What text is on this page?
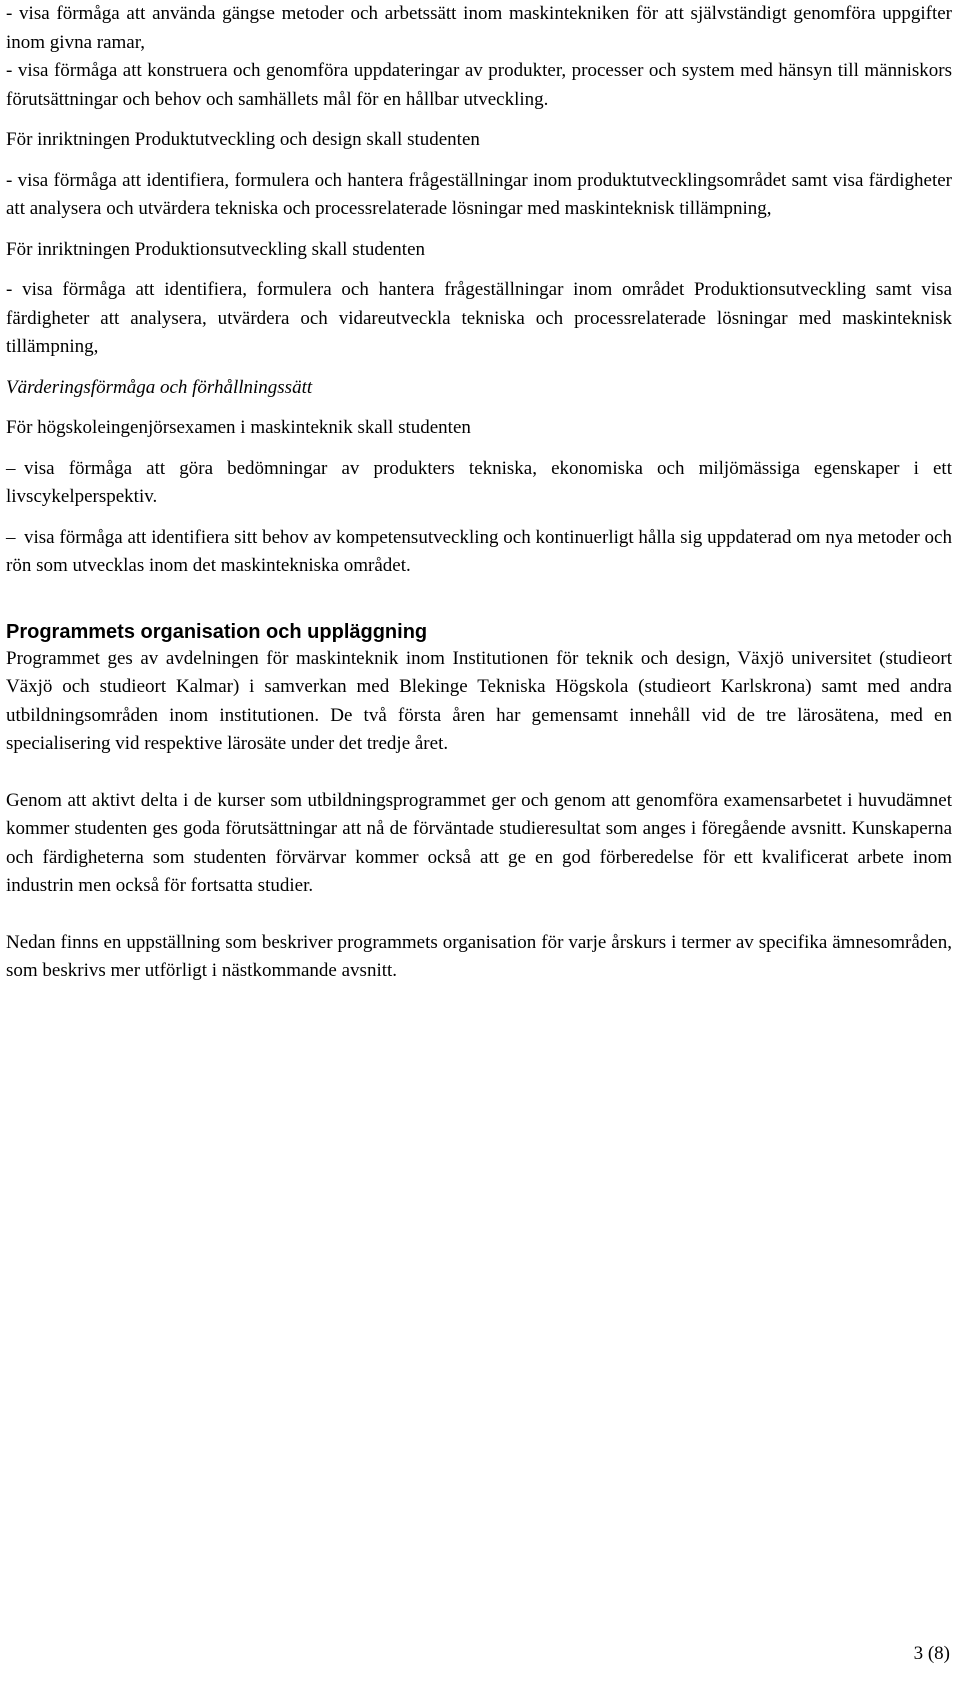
- visa förmåga att använda gängse metoder och arbetssätt inom maskintekniken för att självständigt genomföra uppgifter inom givna ramar,

- visa förmåga att konstruera och genomföra uppdateringar av produkter, processer och system med hänsyn till människors förutsättningar och behov och samhällets mål för en hållbar utveckling.

För inriktningen Produktutveckling och design skall studenten

- visa förmåga att identifiera, formulera och hantera frågeställningar inom produktutvecklingsområdet samt visa färdigheter att analysera och utvärdera tekniska och processrelaterade lösningar med maskinteknisk tillämpning,

För inriktningen Produktionsutveckling skall studenten

- visa förmåga att identifiera, formulera och hantera frågeställningar inom området Produktionsutveckling samt visa färdigheter att analysera, utvärdera och vidareutveckla tekniska och processrelaterade lösningar med maskinteknisk tillämpning,

Värderingsförmåga och förhållningssätt

För högskoleingenjörsexamen i maskinteknik skall studenten

– visa förmåga att göra bedömningar av produkters tekniska, ekonomiska och miljömässiga egenskaper i ett livscykelperspektiv.

– visa förmåga att identifiera sitt behov av kompetensutveckling och kontinuerligt hålla sig uppdaterad om nya metoder och rön som utvecklas inom det maskintekniska området.

Programmets organisation och uppläggning

Programmet ges av avdelningen för maskinteknik inom Institutionen för teknik och design, Växjö universitet (studieort Växjö och studieort Kalmar) i samverkan med Blekinge Tekniska Högskola (studieort Karlskrona) samt med andra utbildningsområden inom institutionen. De två första åren har gemensamt innehåll vid de tre lärosätena, med en specialisering vid respektive lärosäte under det tredje året.

Genom att aktivt delta i de kurser som utbildningsprogrammet ger och genom att genomföra examensarbetet i huvudämnet kommer studenten ges goda förutsättningar att nå de förväntade studieresultat som anges i föregående avsnitt. Kunskaperna och färdigheterna som studenten förvärvar kommer också att ge en god förberedelse för ett kvalificerat arbete inom industrin men också för fortsatta studier.

Nedan finns en uppställning som beskriver programmets organisation för varje årskurs i termer av specifika ämnesområden, som beskrivs mer utförligt i nästkommande avsnitt.

3 (8)
